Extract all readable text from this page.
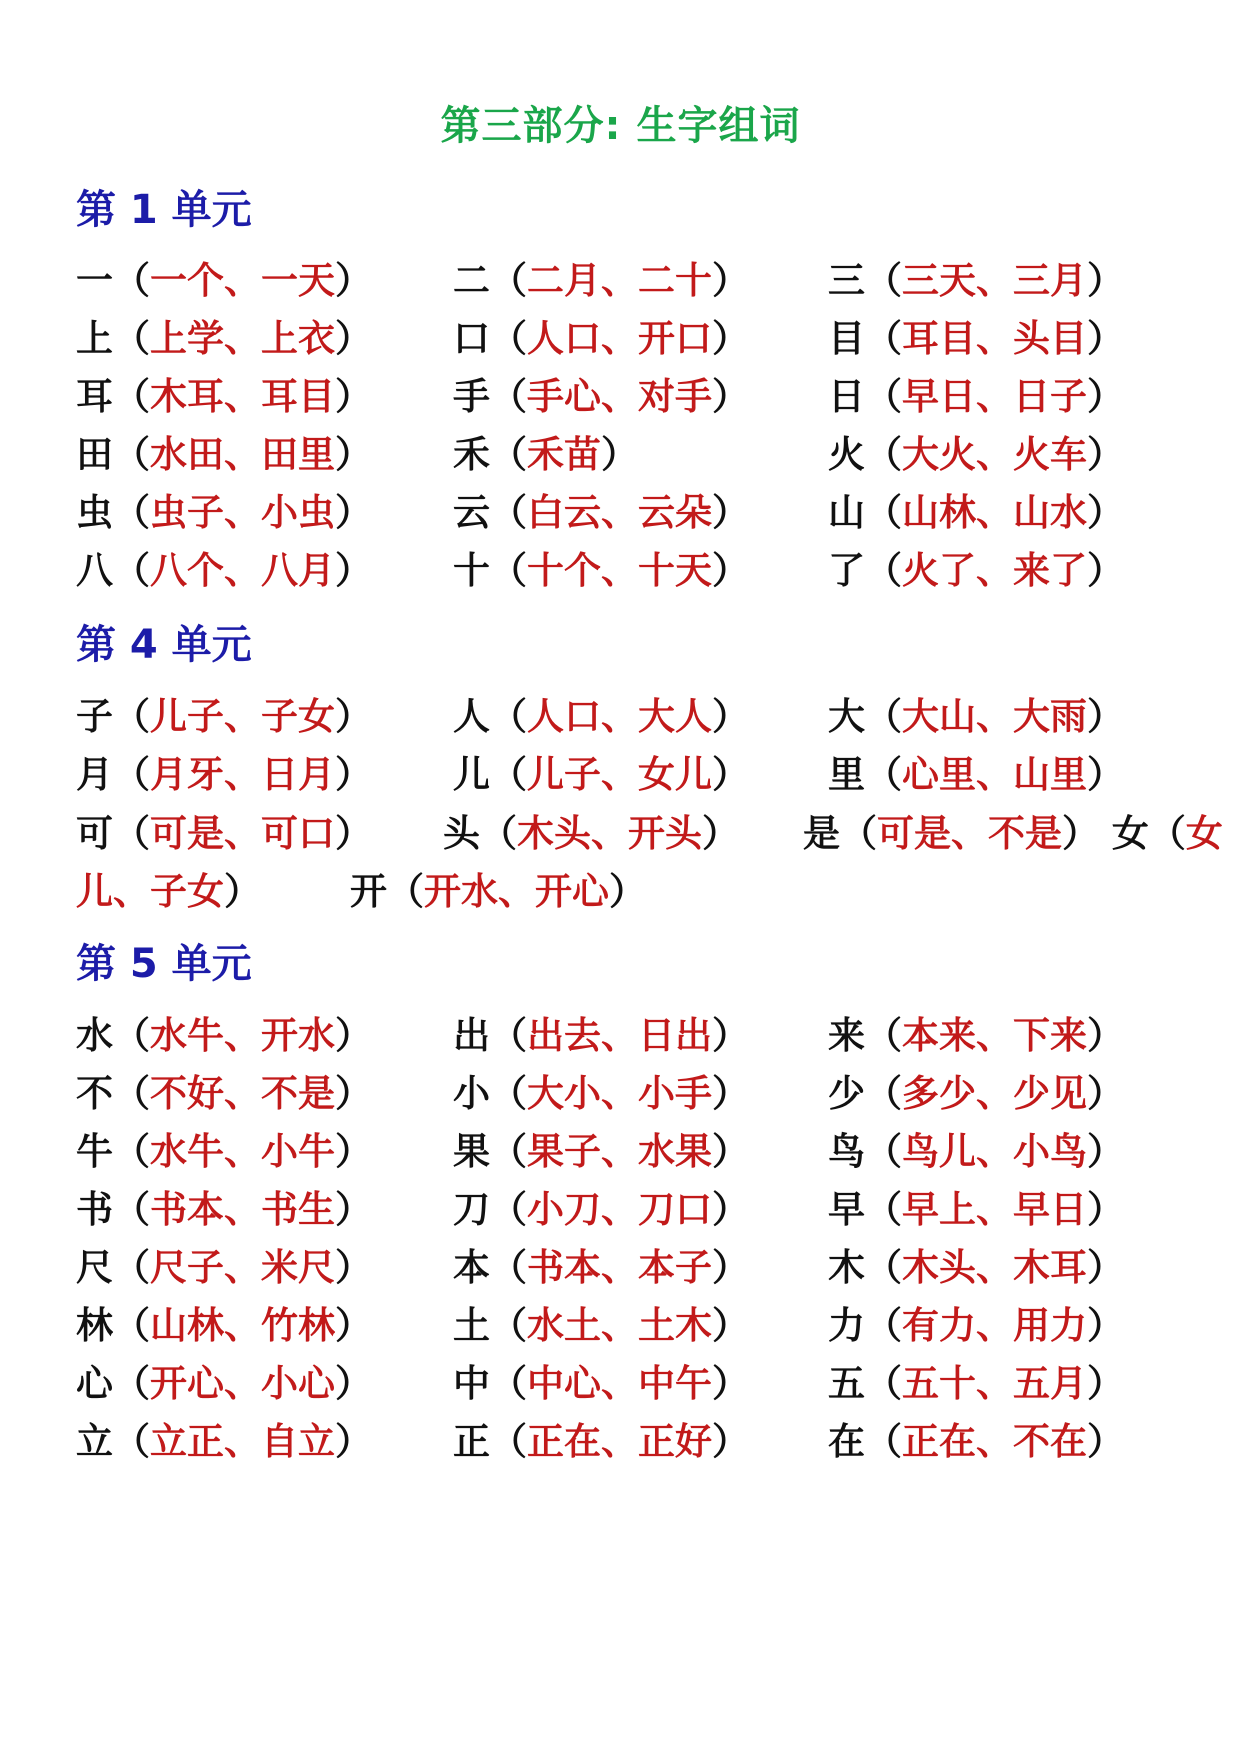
第三部分: 生字组词
第 1 单元
一（一个、一天） 二（二月、二十） 三（三天、三月）
上（上学、上衣） 口（人口、开口） 目（耳目、头目）
耳（木耳、耳目） 手（手心、对手） 日（早日、日子）
田（水田、田里） 禾（禾苗）	火（大火、火车）
虫（虫子、小虫） 云（白云、云朵） 山（山林、山水）
八（八个、八月） 十（十个、十天） 了（火了、来了）
第 4 单元
子（儿子、子女） 人（人口、大人） 大（大山、大雨）
月（月牙、日月） 儿（儿子、女儿） 里（心里、山里）
可（可是、可口） 头（木头、开头） 是（可是、不是） 女（女
儿、子女） 开（开水、开心）
第 5 单元
水（水牛、开水） 出（出去、日出） 来（本来、下来）
不（不好、不是） 小（大小、小手） 少（多少、少见）
牛（水牛、小牛） 果（果子、水果） 鸟（鸟儿、小鸟）
书（书本、书生） 刀（小刀、刀口） 早（早上、早日）
尺（尺子、米尺） 本（书本、本子） 木（木头、木耳）
林（山林、竹林） 土（水土、土木） 力（有力、用力）
心（开心、小心） 中（中心、中午） 五（五十、五月）
立（立正、自立） 正（正在、正好） 在（正在、不在）
